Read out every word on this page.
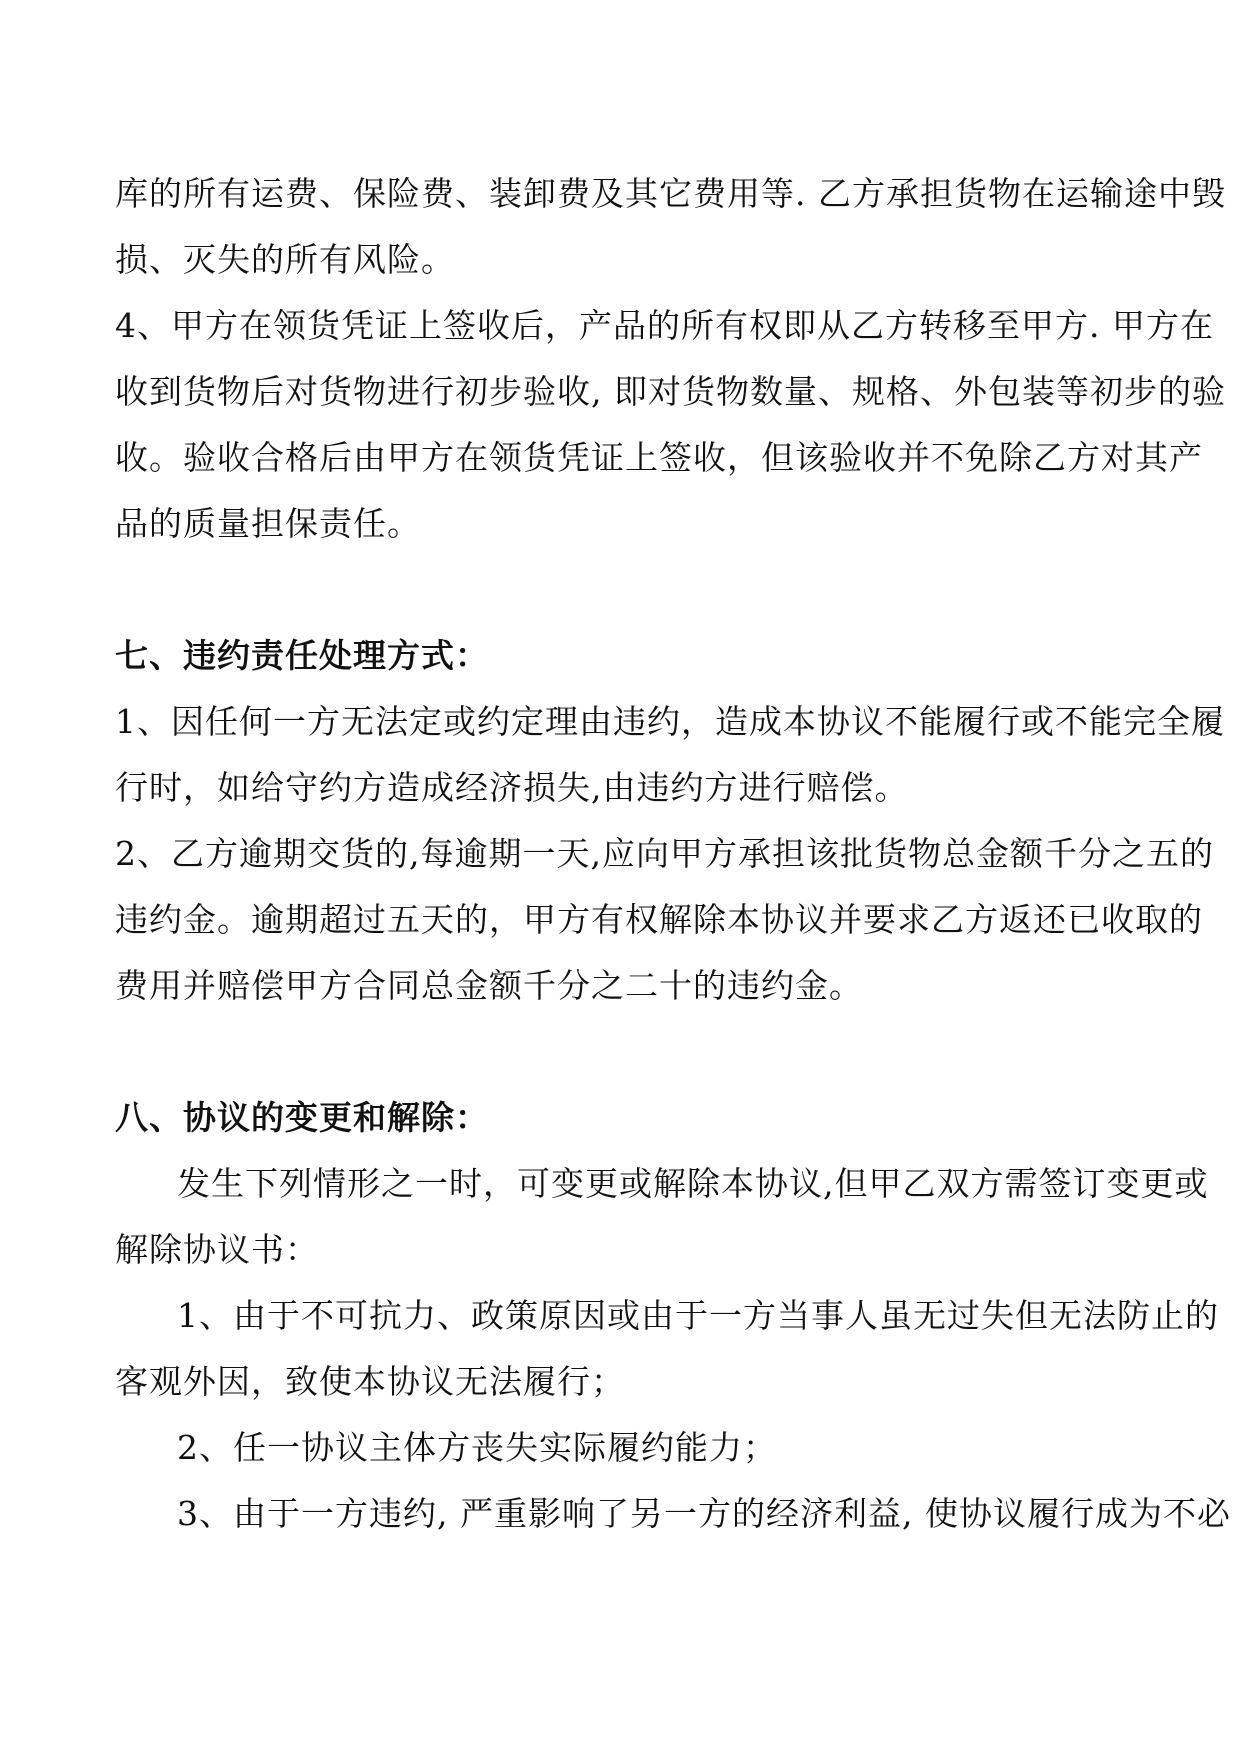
库的所有运费、保险费、装卸费及其它费用等. 乙方承担货物在运输途中毁
损、灭失的所有风险。
4、甲方在领货凭证上签收后，产品的所有权即从乙方转移至甲方. 甲方在
收到货物后对货物进行初步验收, 即对货物数量、规格、外包装等初步的验
收。验收合格后由甲方在领货凭证上签收，但该验收并不免除乙方对其产
品的质量担保责任。
七、违约责任处理方式：
1、因任何一方无法定或约定理由违约，造成本协议不能履行或不能完全履
行时，如给守约方造成经济损失,由违约方进行赔偿。
2、乙方逾期交货的,每逾期一天,应向甲方承担该批货物总金额千分之五的
违约金。逾期超过五天的，甲方有权解除本协议并要求乙方返还已收取的
费用并赔偿甲方合同总金额千分之二十的违约金。
八、协议的变更和解除：
发生下列情形之一时，可变更或解除本协议,但甲乙双方需签订变更或
解除协议书：
1、由于不可抗力、政策原因或由于一方当事人虽无过失但无法防止的
客观外因，致使本协议无法履行；
2、任一协议主体方丧失实际履约能力；
3、由于一方违约, 严重影响了另一方的经济利益, 使协议履行成为不必
